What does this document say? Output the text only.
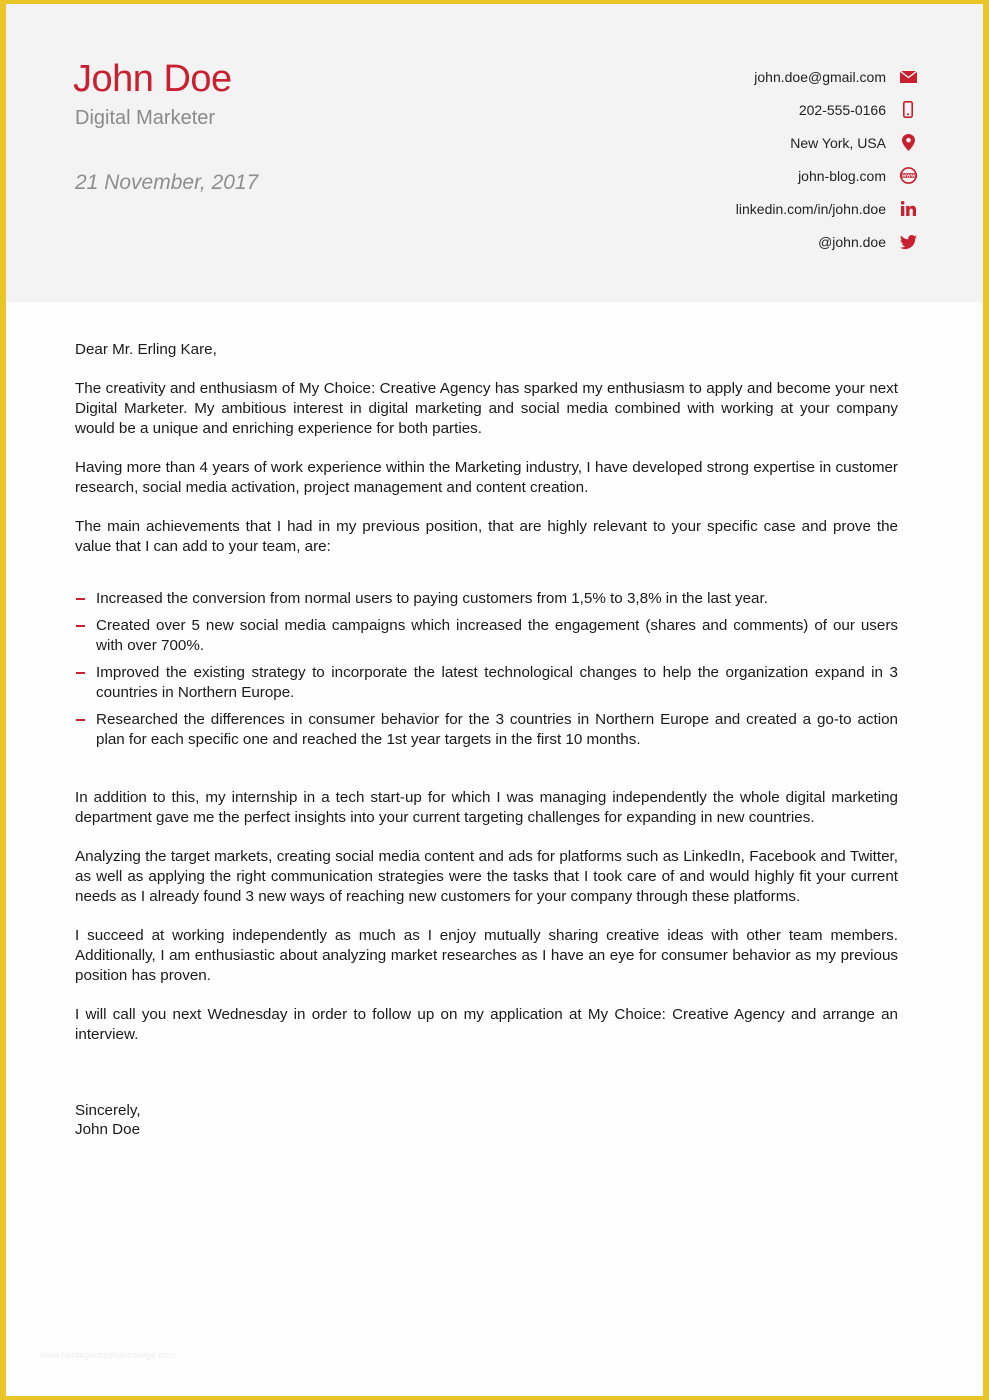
John Doe
Digital Marketer
21 November, 2017
john.doe@gmail.com
202-555-0166
New York, USA
john-blog.com
linkedin.com/in/john.doe
@john.doe

Dear Mr. Erling Kare,

The creativity and enthusiasm of My Choice: Creative Agency has sparked my enthusiasm to apply and become your next Digital Marketer. My ambitious interest in digital marketing and social media combined with working at your company would be a unique and enriching experience for both parties.

Having more than 4 years of work experience within the Marketing industry, I have developed strong expertise in customer research, social media activation, project management and content creation.

The main achievements that I had in my previous position, that are highly relevant to your specific case and prove the value that I can add to your team, are:

Increased the conversion from normal users to paying customers from 1,5% to 3,8% in the last year.
Created over 5 new social media campaigns which increased the engagement (shares and comments) of our users with over 700%.
Improved the existing strategy to incorporate the latest technological changes to help the organization expand in 3 countries in Northern Europe.
Researched the differences in consumer behavior for the 3 countries in Northern Europe and created a go-to action plan for each specific one and reached the 1st year targets in the first 10 months.

In addition to this, my internship in a tech start-up for which I was managing independently the whole digital marketing department gave me the perfect insights into your current targeting challenges for expanding in new countries.

Analyzing the target markets, creating social media content and ads for platforms such as LinkedIn, Facebook and Twitter, as well as applying the right communication strategies were the tasks that I took care of and would highly fit your current needs as I already found 3 new ways of reaching new customers for your company through these platforms.

I succeed at working independently as much as I enjoy mutually sharing creative ideas with other team members. Additionally, I am enthusiastic about analyzing market researches as I have an eye for consumer behavior as my previous position has proven.

I will call you next Wednesday in order to follow up on my application at My Choice: Creative Agency and arrange an interview.

Sincerely,
John Doe
www.heritagechristiancollege.com
